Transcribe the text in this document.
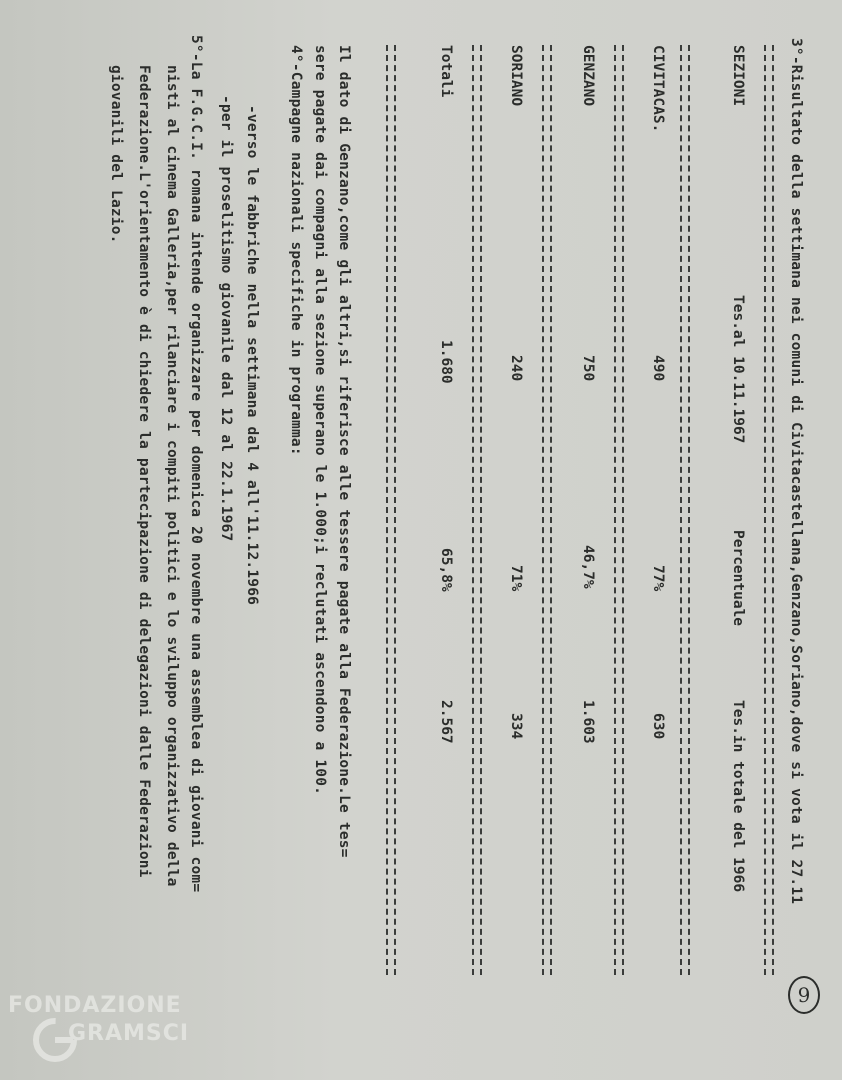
3°-Risultato della settimana nei comuni di Civitacastellana,Genzano,Soriano,dove si vota il 27.11
SEZIONI
Tes.al 10.11.1967
Percentuale
Tes.in totale del 1966
CIVITACAS.
490
77%
630
GENZANO
750
46,7%
1.603
SORIANO
240
71%
334
Totali
1.680
65,8%
2.567
Il dato di Genzano,come gli altri,si riferisce alle tessere pagate alla Federazione.Le tes=
sere pagate dai compagni alla sezione superano le 1.000;i reclutati ascendono a 100.
4°-Campagne nazionali specifiche in programma:
-verso le fabbriche nella settimana dal 4 all'11.12.1966
-per il proselitismo giovanile dal 12 al 22.1.1967
5°-La F.G.C.I. romana intende organizzare per domenica 20 novembre una assemblea di giovani com=
nisti al cinema Galleria,per rilanciare i compiti politici e lo sviluppo organizzativo della
Federazione.L'orientamento è di chiedere la partecipazione di delegazioni dalle Federazioni
giovanili del Lazio.
9
FONDAZIONE
GRAMSCI
